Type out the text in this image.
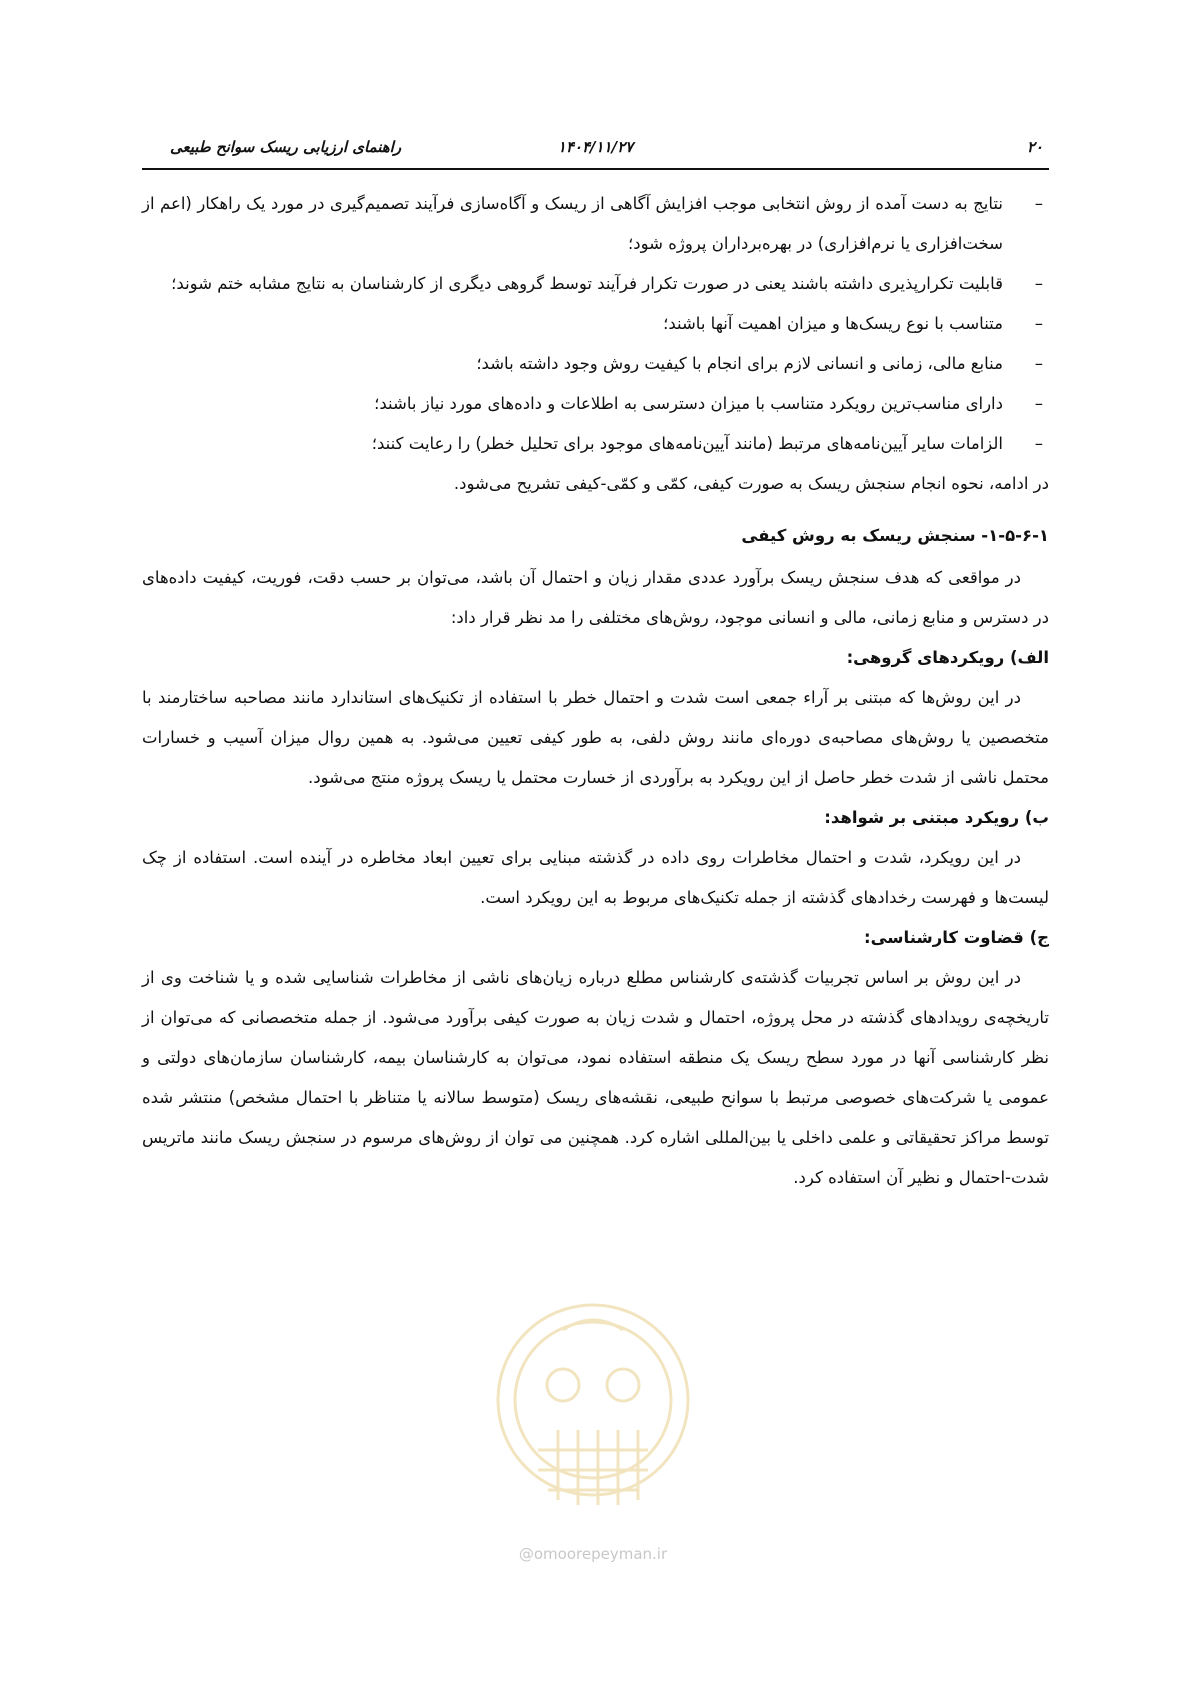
۲۰
۱۴۰۴/۱۱/۲۷
راهنمای ارزیابی ریسک سوانح طبیعی
–
نتایج به دست آمده از روش انتخابی موجب افزایش آگاهی از ریسک و آگاه‌سازی فرآیند تصمیم‌گیری در مورد یک راهکار (اعم از سخت‌افزاری یا نرم‌افزاری) در بهره‌برداران پروژه شود؛
–
قابلیت تکرارپذیری داشته باشند یعنی در صورت تکرار فرآیند توسط گروهی دیگری از کارشناسان به نتایج مشابه ختم شوند؛
–
متناسب با نوع ریسک‌ها و میزان اهمیت آنها باشند؛
–
منابع مالی، زمانی و انسانی لازم برای انجام با کیفیت روش وجود داشته باشد؛
–
دارای مناسب‌ترین رویکرد متناسب با میزان دسترسی به اطلاعات و داده‌های مورد نیاز باشند؛
–
الزامات سایر آیین‌نامه‌های مرتبط (مانند آیین‌نامه‌های موجود برای تحلیل خطر) را رعایت کنند؛

در ادامه، نحوه انجام سنجش ریسک به صورت کیفی، کمّی و کمّی-کیفی تشریح می‌شود.

۱-۵-۶-۱- سنجش ریسک به روش کیفی

در مواقعی که هدف سنجش ریسک برآورد عددی مقدار زیان و احتمال آن باشد، می‌توان بر حسب دقت، فوریت، کیفیت داده‌های در دسترس و منابع زمانی، مالی و انسانی موجود، روش‌های مختلفی را مد نظر قرار داد:

الف) رویکردهای گروهی:

در این روش‌ها که مبتنی بر آراء جمعی است شدت و احتمال خطر با استفاده از تکنیک‌های استاندارد مانند مصاحبه ساختارمند با متخصصین یا روش‌های مصاحبه‌ی دوره‌ای مانند روش دلفی، به طور کیفی تعیین می‌شود. به همین روال میزان آسیب و خسارات محتمل ناشی از شدت خطر حاصل از این رویکرد به برآوردی از خسارت محتمل یا ریسک پروژه منتج می‌شود.

ب) رویکرد مبتنی بر شواهد:

در این رویکرد، شدت و احتمال مخاطرات روی داده در گذشته مبنایی برای تعیین ابعاد مخاطره در آینده است. استفاده از چک لیست‌ها و فهرست رخدادهای گذشته از جمله تکنیک‌های مربوط به این رویکرد است.

ج) قضاوت کارشناسی:

در این روش بر اساس تجربیات گذشته‌ی کارشناس مطلع درباره زیان‌های ناشی از مخاطرات شناسایی شده و یا شناخت وی از تاریخچه‌ی رویدادهای گذشته در محل پروژه، احتمال و شدت زیان به صورت کیفی برآورد می‌شود. از جمله متخصصانی که می‌توان از نظر کارشناسی آنها در مورد سطح ریسک یک منطقه استفاده نمود، می‌توان به کارشناسان بیمه، کارشناسان سازمان‌های دولتی و عمومی یا شرکت‌های خصوصی مرتبط با سوانح طبیعی، نقشه‌های ریسک (متوسط سالانه یا متناظر با احتمال مشخص) منتشر شده توسط مراکز تحقیقاتی و علمی داخلی یا بین‌المللی اشاره کرد. همچنین می توان از روش‌های مرسوم در سنجش ریسک مانند ماتریس شدت-احتمال و نظیر آن استفاده کرد.

@omoorepeyman.ir
